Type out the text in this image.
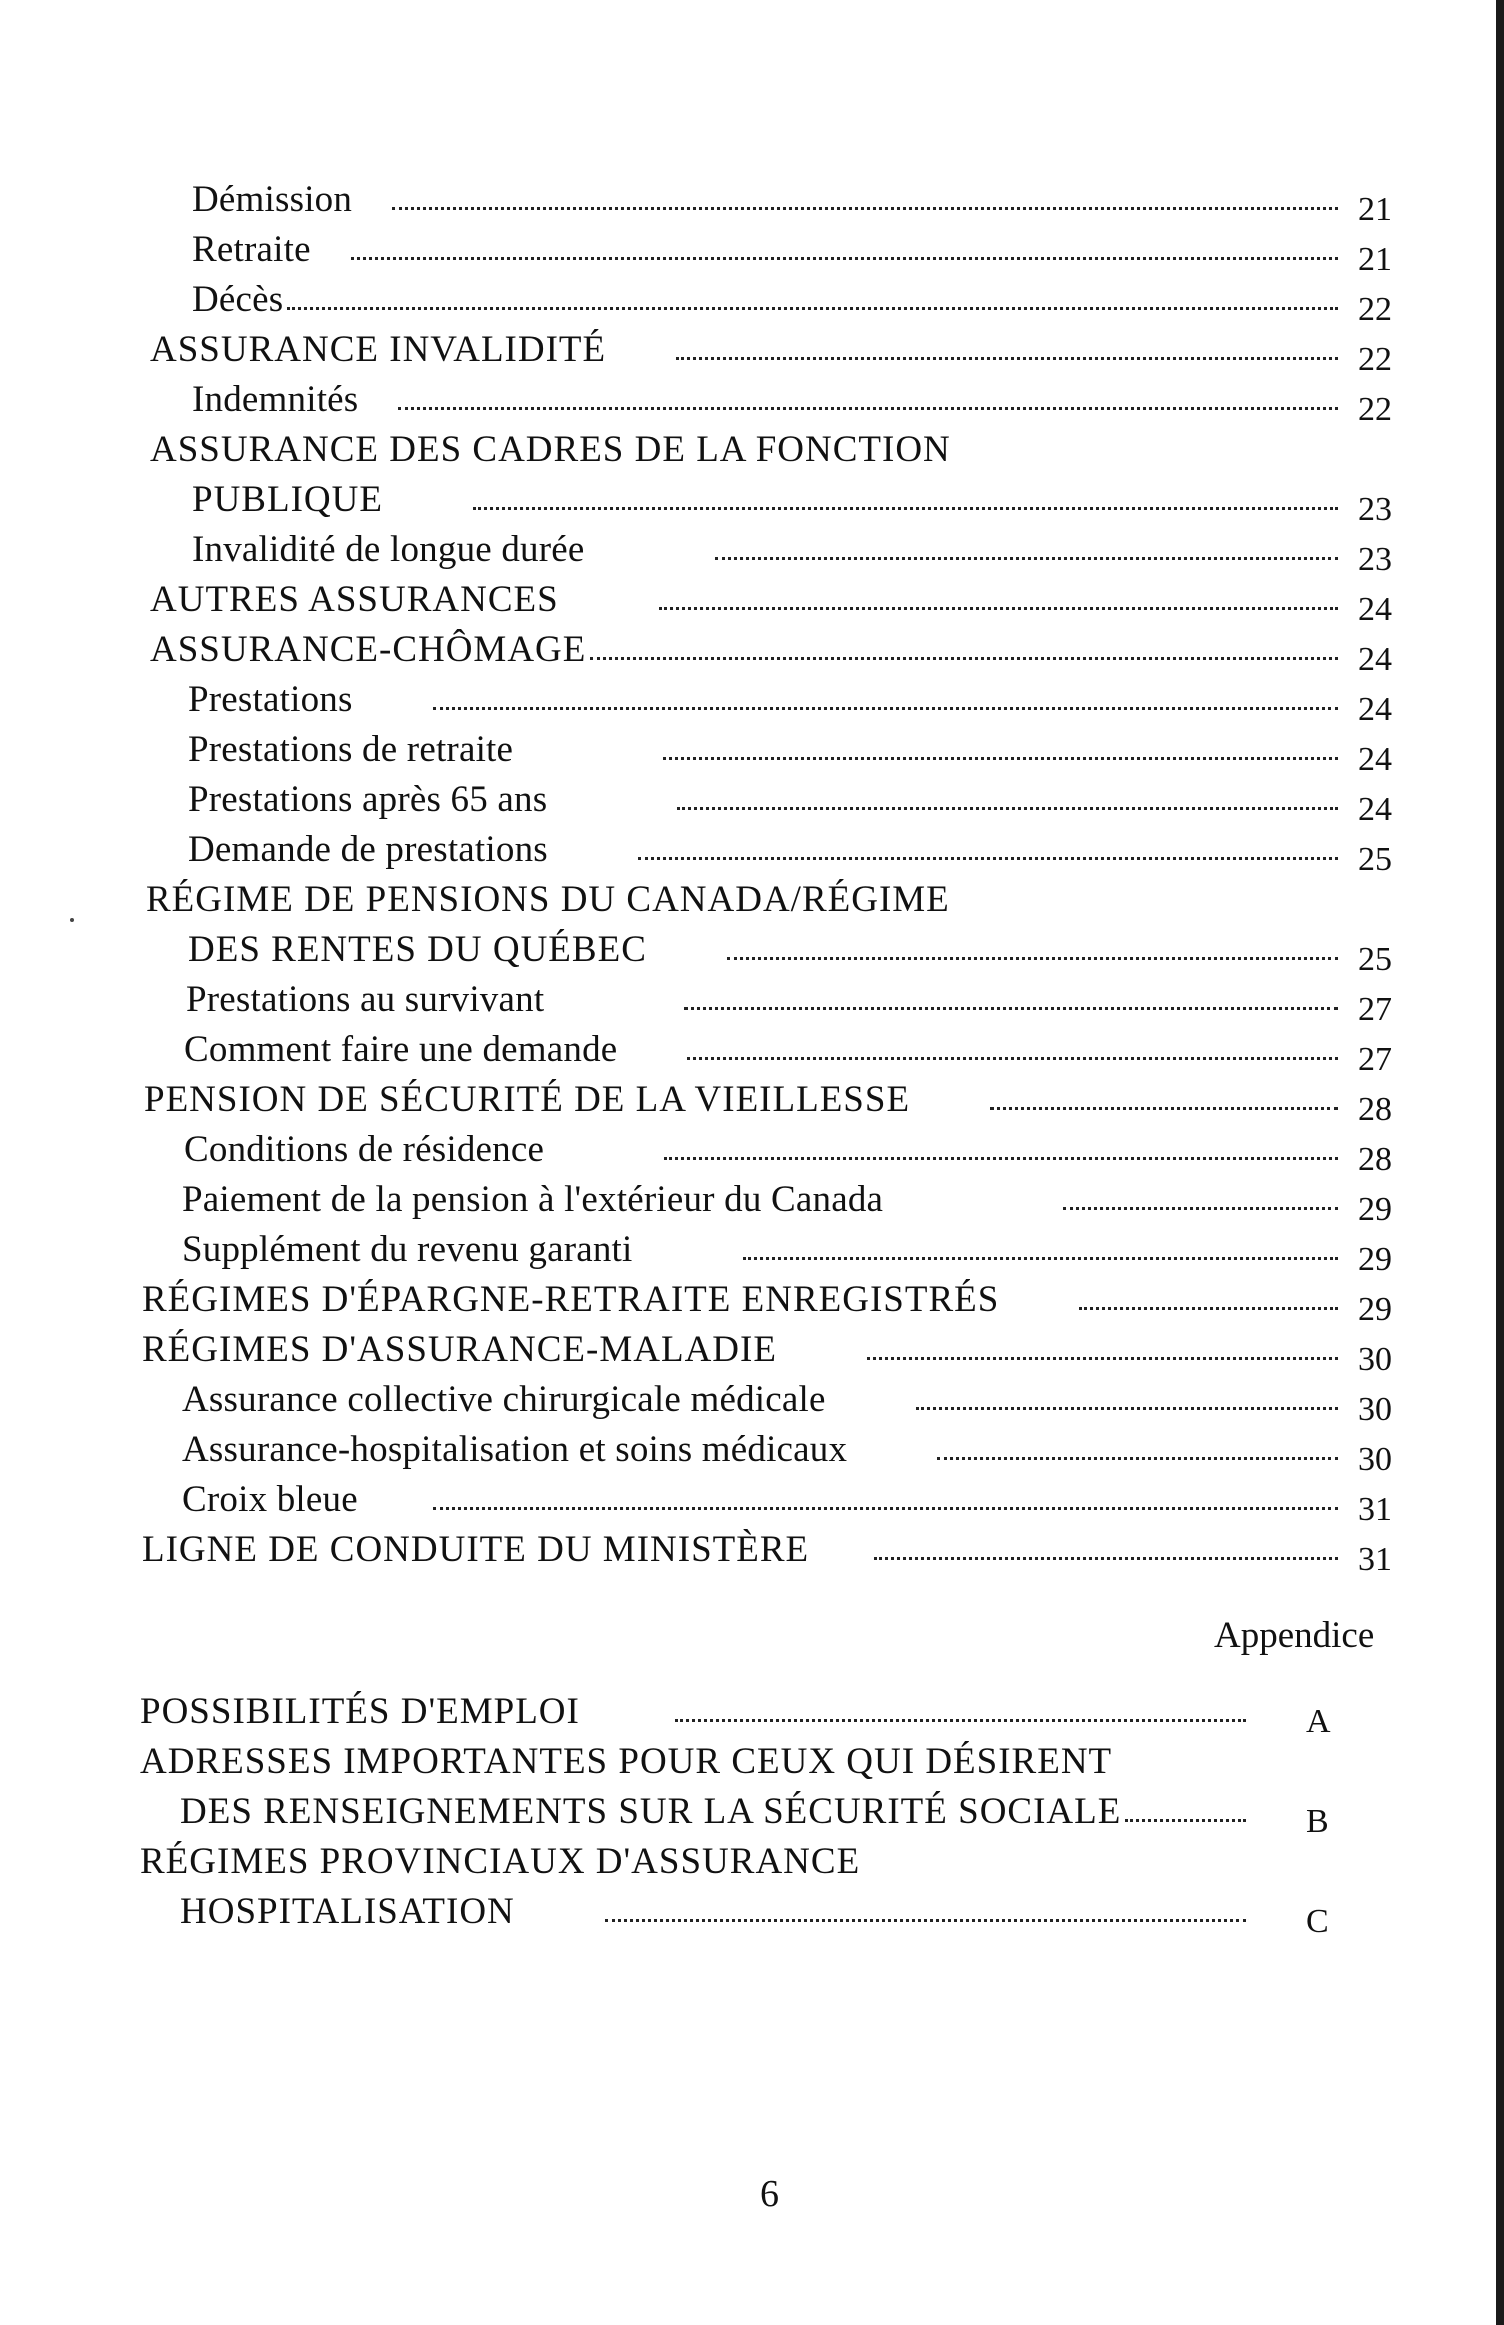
Démission	21
Retraite	21
Décès	22
ASSURANCE INVALIDITÉ	22
Indemnités	22
ASSURANCE DES CADRES DE LA FONCTION
PUBLIQUE	23
Invalidité de longue durée	23
AUTRES ASSURANCES	24
ASSURANCE-CHÔMAGE	24
Prestations	24
Prestations de retraite	24
Prestations après 65 ans	24
Demande de prestations	25
RÉGIME DE PENSIONS DU CANADA/RÉGIME
DES RENTES DU QUÉBEC	25
Prestations au survivant	27
Comment faire une demande	27
PENSION DE SÉCURITÉ DE LA VIEILLESSE	28
Conditions de résidence	28
Paiement de la pension à l'extérieur du Canada	29
Supplément du revenu garanti	29
RÉGIMES D'ÉPARGNE-RETRAITE ENREGISTRÉS	29
RÉGIMES D'ASSURANCE-MALADIE	30
Assurance collective chirurgicale médicale	30
Assurance-hospitalisation et soins médicaux	30
Croix bleue	31
LIGNE DE CONDUITE DU MINISTÈRE	31
Appendice
POSSIBILITÉS D'EMPLOI	A
ADRESSES IMPORTANTES POUR CEUX QUI DÉSIRENT
DES RENSEIGNEMENTS SUR LA SÉCURITÉ SOCIALE	B
RÉGIMES PROVINCIAUX D'ASSURANCE
HOSPITALISATION	C
6
